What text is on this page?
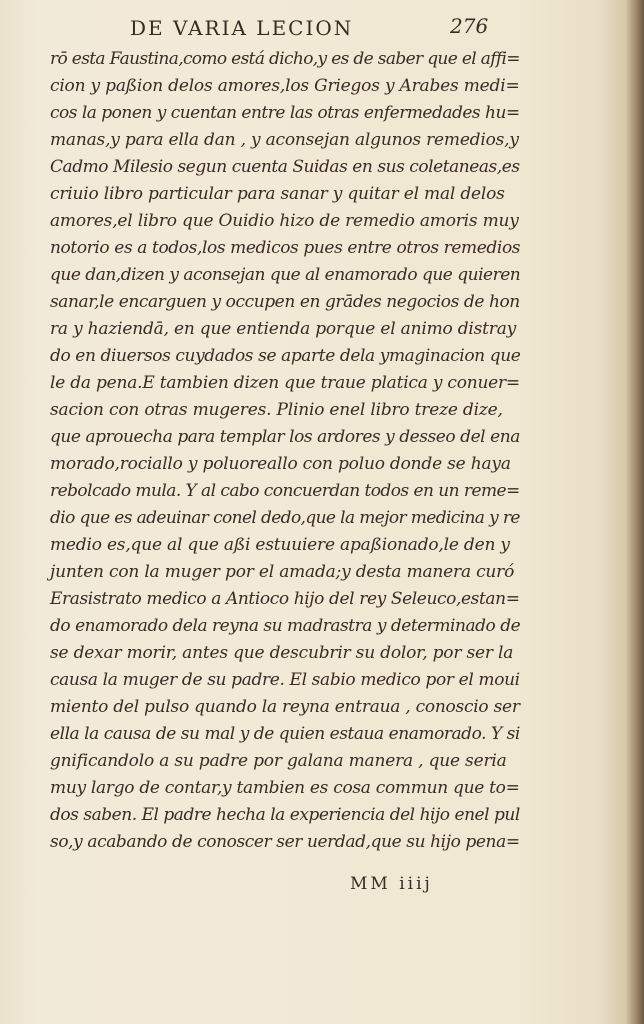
DE VARIA LECION	276
rō esta Faustina,como está dicho,y es de saber que el affi=
cion y paßion delos amores,los Griegos y Arabes medi=
cos la ponen y cuentan entre las otras enfermedades hu=
manas,y para ella dan , y aconsejan algunos remedios,y
Cadmo Milesio segun cuenta Suidas en sus coletaneas,es
criuio libro particular para sanar y quitar el mal delos
amores,el libro que Ouidio hizo de remedio amoris muy
notorio es a todos,los medicos pues entre otros remedios
que dan,dizen y aconsejan que al enamorado que quieren
sanar,le encarguen y occupen en grādes negocios de hon
ra y haziendā, en que entienda porque el animo distray
do en diuersos cuydados se aparte dela ymaginacion que
le da pena.E tambien dizen que traue platica y conuer=
sacion con otras mugeres. Plinio enel libro treze dize,
que aprouecha para templar los ardores y desseo del ena
morado,rociallo y poluoreallo con poluo donde se haya
rebolcado mula. Y al cabo concuerdan todos en un reme=
dio que es adeuinar conel dedo,que la mejor medicina y re
medio es,que al que aßi estuuiere apaßionado,le den y
junten con la muger por el amada;y desta manera curó
Erasistrato medico a Antioco hijo del rey Seleuco,estan=
do enamorado dela reyna su madrastra y determinado de
se dexar morir, antes que descubrir su dolor, por ser la
causa la muger de su padre. El sabio medico por el moui
miento del pulso quando la reyna entraua , conoscio ser
ella la causa de su mal y de quien estaua enamorado. Y si
gnificandolo a su padre por galana manera , que seria
muy largo de contar,y tambien es cosa commun que to=
dos saben. El padre hecha la experiencia del hijo enel pul
so,y acabando de conoscer ser uerdad,que su hijo pena=
MM iiij
